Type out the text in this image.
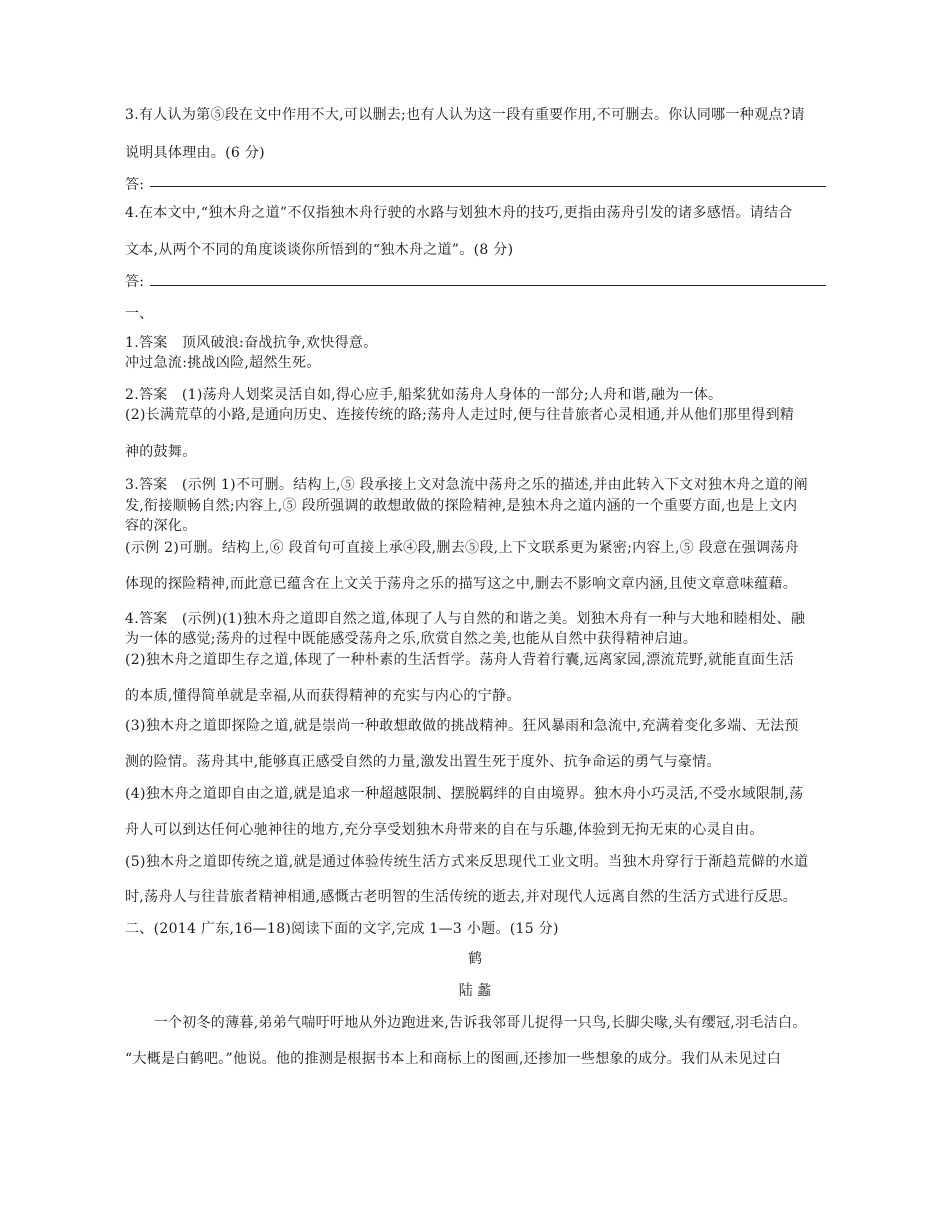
3.有人认为第⑤段在文中作用不大,可以删去;也有人认为这一段有重要作用,不可删去。你认同哪一种观点?请
说明具体理由。(6 分)
答:
4.在本文中,“独木舟之道”不仅指独木舟行驶的水路与划独木舟的技巧,更指由荡舟引发的诸多感悟。请结合
文本,从两个不同的角度谈谈你所悟到的“独木舟之道”。(8 分)
答:
一、
1.答案　顶风破浪:奋战抗争,欢快得意。
冲过急流:挑战凶险,超然生死。
2.答案　(1)荡舟人划桨灵活自如,得心应手,船桨犹如荡舟人身体的一部分;人舟和谐,融为一体。
(2)长满荒草的小路,是通向历史、连接传统的路;荡舟人走过时,便与往昔旅者心灵相通,并从他们那里得到精
神的鼓舞。
3.答案　(示例 1)不可删。结构上,⑤ 段承接上文对急流中荡舟之乐的描述,并由此转入下文对独木舟之道的阐
发,衔接顺畅自然;内容上,⑤ 段所强调的敢想敢做的探险精神,是独木舟之道内涵的一个重要方面,也是上文内
容的深化。
(示例 2)可删。结构上,⑥ 段首句可直接上承④段,删去⑤段,上下文联系更为紧密;内容上,⑤ 段意在强调荡舟
体现的探险精神,而此意已蕴含在上文关于荡舟之乐的描写这之中,删去不影响文章内涵,且使文章意味蕴藉。
4.答案　(示例)(1)独木舟之道即自然之道,体现了人与自然的和谐之美。划独木舟有一种与大地和睦相处、融
为一体的感觉;荡舟的过程中既能感受荡舟之乐,欣赏自然之美,也能从自然中获得精神启迪。
(2)独木舟之道即生存之道,体现了一种朴素的生活哲学。荡舟人背着行囊,远离家园,漂流荒野,就能直面生活
的本质,懂得简单就是幸福,从而获得精神的充实与内心的宁静。
(3)独木舟之道即探险之道,就是崇尚一种敢想敢做的挑战精神。狂风暴雨和急流中,充满着变化多端、无法预
测的险情。荡舟其中,能够真正感受自然的力量,激发出置生死于度外、抗争命运的勇气与豪情。
(4)独木舟之道即自由之道,就是追求一种超越限制、摆脱羁绊的自由境界。独木舟小巧灵活,不受水域限制,荡
舟人可以到达任何心驰神往的地方,充分享受划独木舟带来的自在与乐趣,体验到无拘无束的心灵自由。
(5)独木舟之道即传统之道,就是通过体验传统生活方式来反思现代工业文明。当独木舟穿行于渐趋荒僻的水道
时,荡舟人与往昔旅者精神相通,感慨古老明智的生活传统的逝去,并对现代人远离自然的生活方式进行反思。
二、(2014 广东,16—18)阅读下面的文字,完成 1—3 小题。(15 分)
鹤
陆 蠡
　　一个初冬的薄暮,弟弟气喘吁吁地从外边跑进来,告诉我邻哥儿捉得一只鸟,长脚尖喙,头有缨冠,羽毛洁白。
“大概是白鹤吧。”他说。他的推测是根据书本上和商标上的图画,还掺加一些想象的成分。我们从未见过白
